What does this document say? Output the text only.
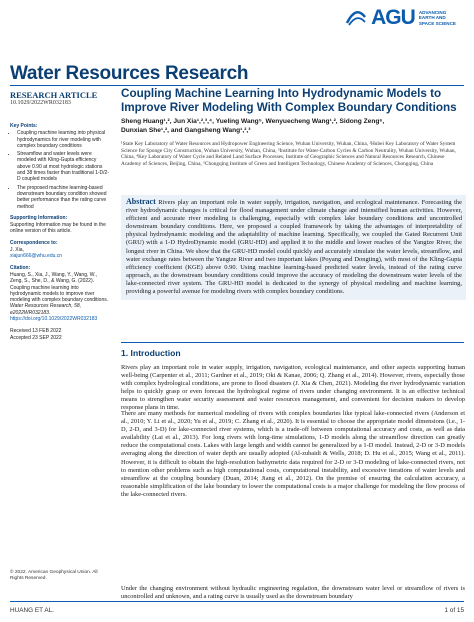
AGU ADVANCING
EARTH AND
SPACE SCIENCE
Water Resources Research
RESEARCH ARTICLE
10.1029/2022WR032183
Key Points:
• Coupling machine learning into physical hydrodynamics for river modeling with complex boundary conditions
• Streamflow and water levels were modeled with Kling-Gupta efficiency above 0.90 at most hydrologic stations and 38 times faster than traditional 1-D/2-D coupled models
• The proposed machine learning-based downstream boundary condition showed better performance than the rating curve method
Supporting Information:
Supporting Information may be found in the online version of this article.
Correspondence to:
J. Xia,
xiajun666@whu.edu.cn
Citation:
Huang, S., Xia, J., Wang, Y., Wang, W., Zeng, S., She, D., & Wang, G. (2022). Coupling machine learning into hydrodynamic models to improve river modeling with complex boundary conditions. Water Resources Research, 58, e2022WR032183. https://doi.org/10.1029/2022WR032183
Received 13 FEB 2022
Accepted 23 SEP 2022
Coupling Machine Learning Into Hydrodynamic Models to Improve River Modeling With Complex Boundary Conditions
Sheng Huang¹,², Jun Xia¹,²,³,⁴, Yueling Wang⁵, Wenyuecheng Wang¹,², Sidong Zeng⁶,
Dunxian She¹,², and Gangsheng Wang¹,²,³
¹State Key Laboratory of Water Resources and Hydropower Engineering Science, Wuhan University, Wuhan, China, ²Hubei Key Laboratory of Water System Science for Sponge City Construction, Wuhan University, Wuhan, China, ³Institute for Water-Carbon Cycles & Carbon Neutrality, Wuhan University, Wuhan, China, ⁴Key Laboratory of Water Cycle and Related Land Surface Processes, Institute of Geographic Sciences and Natural Resources Research, Chinese Academy of Sciences, Beijing, China, ⁵Chongqing Institute of Green and Intelligent Technology, Chinese Academy of Sciences, Chongqing, China
Abstract Rivers play an important role in water supply, irrigation, navigation, and ecological maintenance. Forecasting the river hydrodynamic changes is critical for flood management under climate change and intensified human activities. However, efficient and accurate river modeling is challenging, especially with complex lake boundary conditions and uncontrolled downstream boundary conditions. Here, we proposed a coupled framework by taking the advantages of interpretability of physical hydrodynamic modeling and the adaptability of machine learning. Specifically, we coupled the Gated Recurrent Unit (GRU) with a 1-D HydroDynamic model (GRU-HD) and applied it to the middle and lower reaches of the Yangtze River, the longest river in China. We show that the GRU-HD model could quickly and accurately simulate the water levels, streamflow, and water exchange rates between the Yangtze River and two important lakes (Poyang and Dongting), with most of the Kling-Gupta efficiency coefficient (KGE) above 0.90. Using machine learning-based predicted water levels, instead of the rating curve approach, as the downstream boundary conditions could improve the accuracy of modeling the downstream water levels of the lake-connected river system. The GRU-HD model is dedicated to the synergy of physical modeling and machine learning, providing a powerful avenue for modeling rivers with complex boundary conditions.
1. Introduction
Rivers play an important role in water supply, irrigation, navigation, ecological maintenance, and other aspects supporting human well-being (Carpenter et al., 2011; Gardner et al., 2019; Oki & Kanae, 2006; Q. Zhang et al., 2014). However, rivers, especially those with complex hydrological conditions, are prone to flood disasters (J. Xia & Chen, 2021). Modeling the river hydrodynamic variation helps to quickly grasp or even forecast the hydrological regime of rivers under changing environment. It is an effective technical means to strengthen water security assessment and water resources management, and convenient for decision makers to develop response plans in time.
There are many methods for numerical modeling of rivers with complex boundaries like typical lake-connected rivers (Anderson et al., 2010; Y. Li et al., 2020; Yu et al., 2019; C. Zhang et al., 2020). It is essential to choose the appropriate model dimensions (i.e., 1-D, 2-D, and 3-D) for lake-connected river systems, which is a trade-off between computational accuracy and costs, as well as data availability (Lai et al., 2013). For long rivers with long-time simulations, 1-D models along the streamflow direction can greatly reduce the computational costs. Lakes with large length and width cannot be generalized by a 1-D model. Instead, 2-D or 3-D models averaging along the direction of water depth are usually adopted (Al-zubaidi & Wells, 2018; D. Hu et al., 2015; Wang et al., 2011). However, it is difficult to obtain the high-resolution bathymetric data required for 2-D or 3-D modeling of lake-connected rivers, not to mention other problems such as high computational costs, computational instability, and excessive iterations of water levels and streamflow at the coupling boundary (Duan, 2014; Jiang et al., 2012). On the premise of ensuring the calculation accuracy, a reasonable simplification of the lake boundary to lower the computational costs is a major challenge for modeling the flow process of the lake-connected rivers.
Under the changing environment without hydraulic engineering regulation, the downstream water level or streamflow of rivers is uncontrolled and unknown, and a rating curve is usually used as the downstream boundary
© 2022. American Geophysical Union. All Rights Reserved.
HUANG ET AL.	1 of 15
